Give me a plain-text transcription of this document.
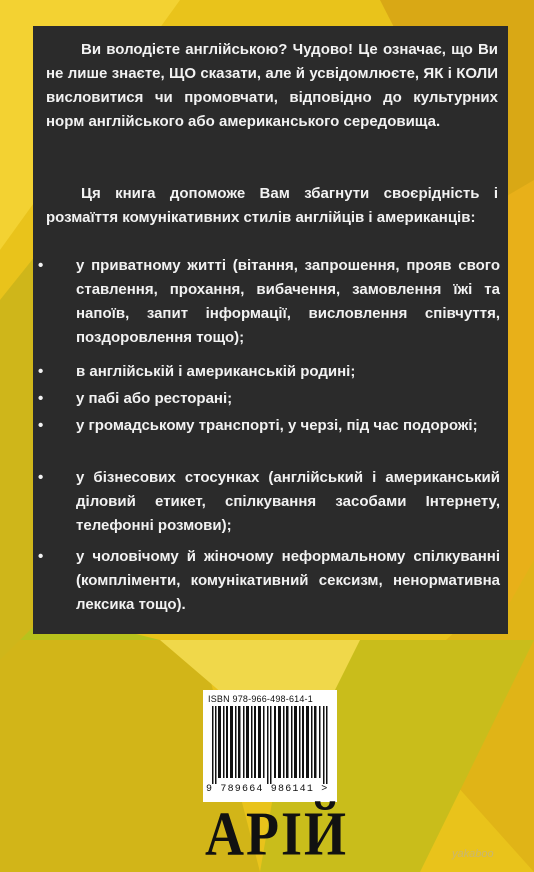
Ви володієте англійською? Чудово! Це означає, що Ви не лише знаєте, ЩО сказати, але й усвідомлюєте, ЯК і КОЛИ висловитися чи промовчати, відповідно до культурних норм англійського або американського середовища.

Ця книга допоможе Вам збагнути своєрідність і розмаїття комунікативних стилів англійців і американців:

у приватному житті (вітання, запрошення, прояв свого ставлення, прохання, вибачення, замовлення їжі та напоїв, запит інформації, висловлення співчуття, поздоровлення тощо);

в англійській і американській родині;

у пабі або ресторані;

у громадському транспорті, у черзі, під час подорожі;

у бізнесових стосунках (англійський і американський діловий етикет, спілкування засобами Інтернету, телефонні розмови);

у чоловічому й жіночому неформальному спілкуванні (компліменти, комунікативний сексизм, ненормативна лексика тощо).

ISBN 978-966-498-614-1
9 789664 986141 >
АРІЙ	yakaboo
